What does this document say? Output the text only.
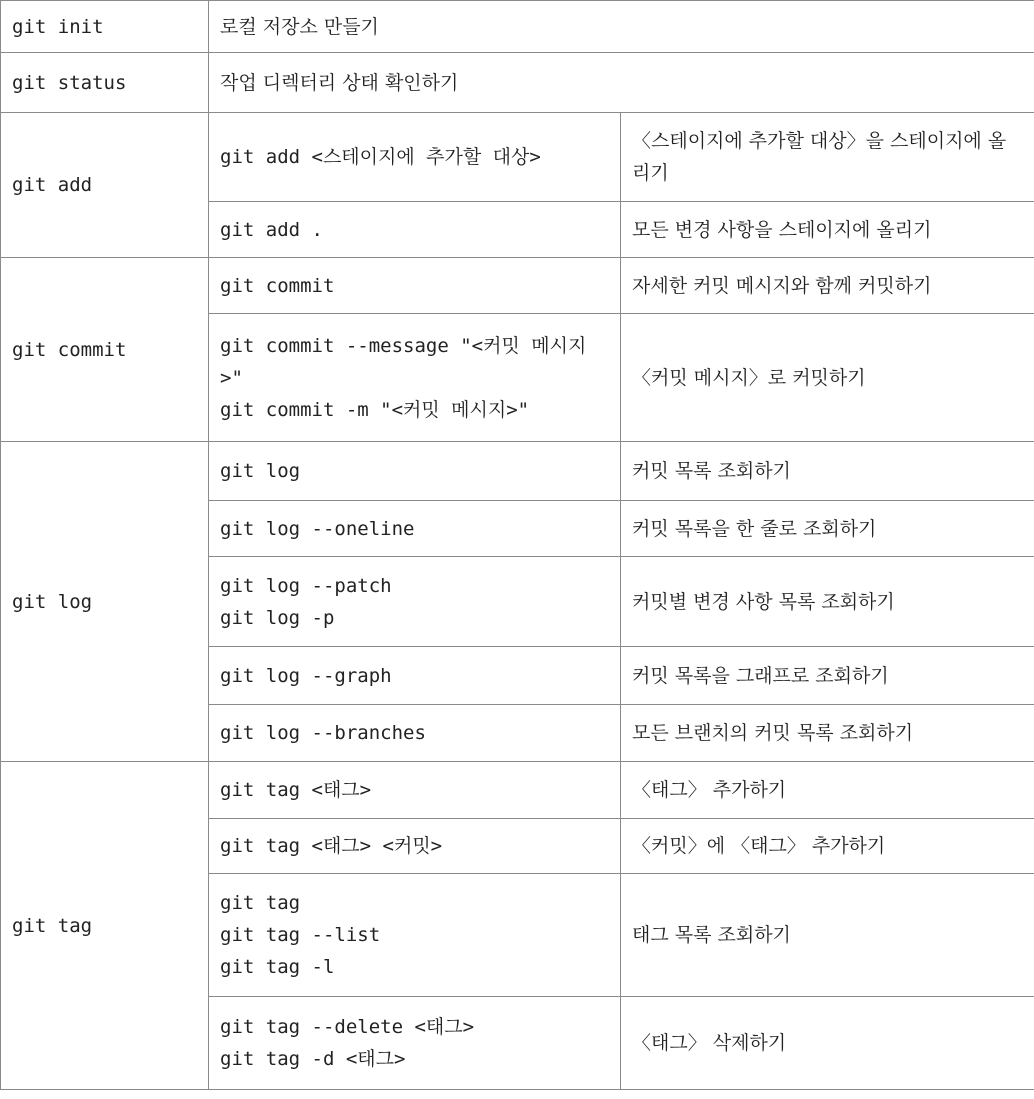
git init	로컬 저장소 만들기	

git status	작업 디렉터리 상태 확인하기	

git add	git add <스테이지에 추가할 대상>	〈스테이지에 추가할 대상〉을 스테이지에 올리기

	git add .	모든 변경 사항을 스테이지에 올리기

git commit	git commit	자세한 커밋 메시지와 함께 커밋하기

	git commit --message "<커밋 메시지>"
git commit -m "<커밋 메시지>"	〈커밋 메시지〉로 커밋하기

git log	git log	커밋 목록 조회하기

	git log --oneline	커밋 목록을 한 줄로 조회하기

	git log --patch
git log -p	커밋별 변경 사항 목록 조회하기

	git log --graph	커밋 목록을 그래프로 조회하기

	git log --branches	모든 브랜치의 커밋 목록 조회하기

git tag	git tag <태그>	〈태그〉 추가하기

	git tag <태그> <커밋>	〈커밋〉에 〈태그〉 추가하기

	git tag
git tag --list
git tag -l	태그 목록 조회하기

	git tag --delete <태그>
git tag -d <태그>	〈태그〉 삭제하기
